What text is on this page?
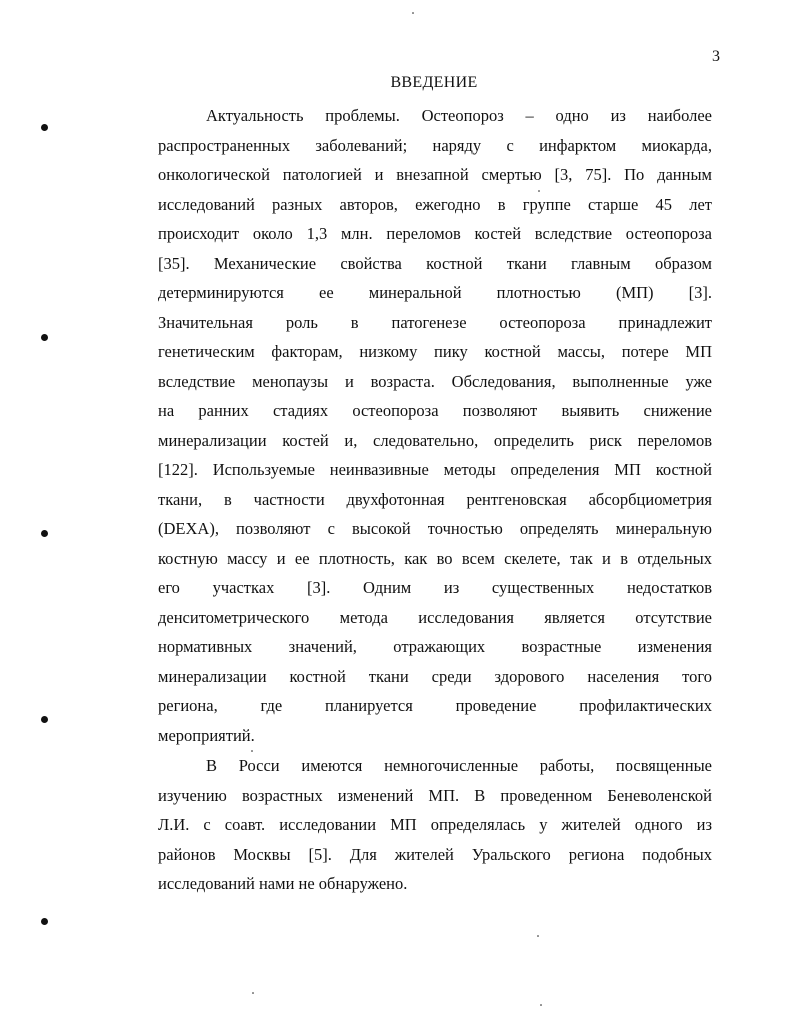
3
ВВЕДЕНИЕ
Актуальность проблемы. Остеопороз – одно из наиболее
распространенных заболеваний; наряду с инфарктом миокарда,
онкологической патологией и внезапной смертью [3, 75]. По данным
исследований разных авторов, ежегодно в группе старше 45 лет
происходит около 1,3 млн. переломов костей вследствие остеопороза
[35]. Механические свойства костной ткани главным образом
детерминируются ее минеральной плотностью (МП) [3].
Значительная роль в патогенезе остеопороза принадлежит
генетическим факторам, низкому пику костной массы, потере МП
вследствие менопаузы и возраста. Обследования, выполненные уже
на ранних стадиях остеопороза позволяют выявить снижение
минерализации костей и, следовательно, определить риск переломов
[122]. Используемые неинвазивные методы определения МП костной
ткани, в частности двухфотонная рентгеновская абсорбциометрия
(DEXA), позволяют с высокой точностью определять минеральную
костную массу и ее плотность, как во всем скелете, так и в отдельных
его участках [3]. Одним из существенных недостатков
денситометрического метода исследования является отсутствие
нормативных значений, отражающих возрастные изменения
минерализации костной ткани среди здорового населения того
региона, где планируется проведение профилактических
мероприятий.
В Росси имеются немногочисленные работы, посвященные
изучению возрастных изменений МП. В проведенном Беневоленской
Л.И. с соавт. исследовании МП определялась у жителей одного из
районов Москвы [5]. Для жителей Уральского региона подобных
исследований нами не обнаружено.
